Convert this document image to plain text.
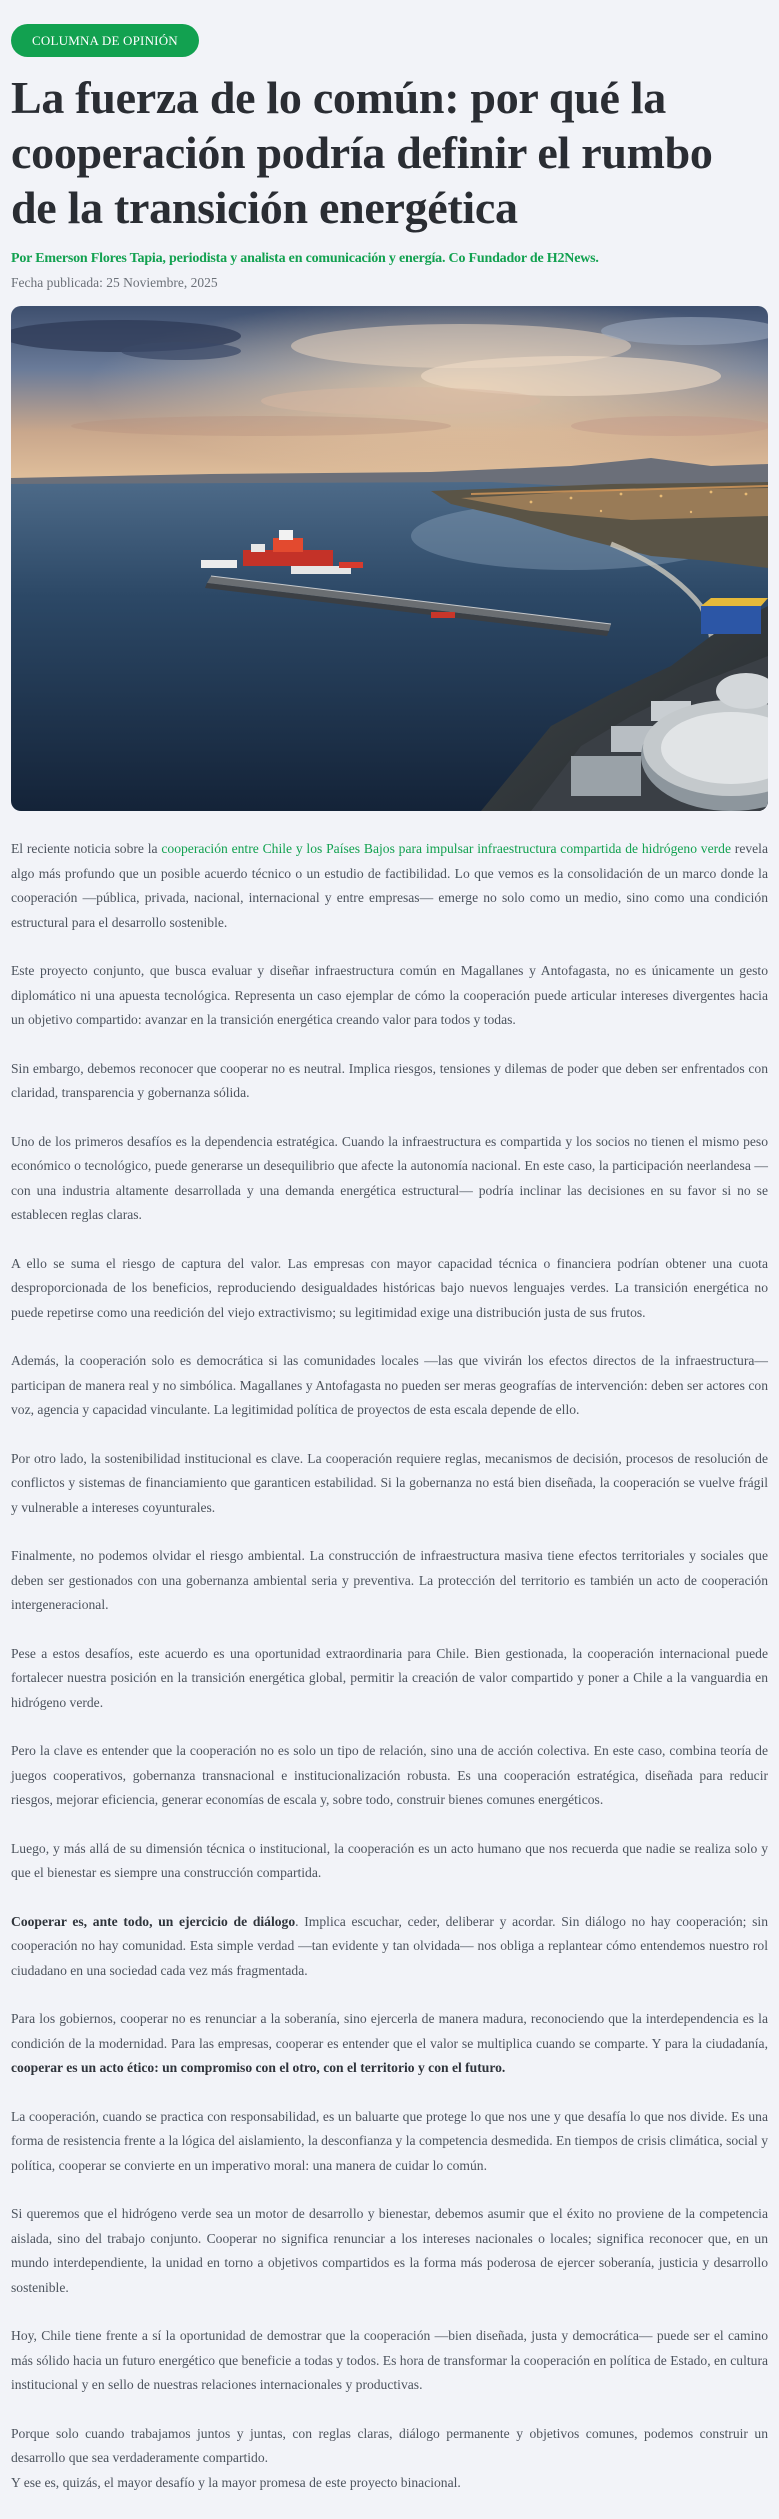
COLUMNA DE OPINIÓN
La fuerza de lo común: por qué la cooperación podría definir el rumbo de la transición energética
Por Emerson Flores Tapia, periodista y analista en comunicación y energía. Co Fundador de H2News.
Fecha publicada: 25 Noviembre, 2025

El reciente noticia sobre la cooperación entre Chile y los Países Bajos para impulsar infraestructura compartida de hidrógeno verde revela algo más profundo que un posible acuerdo técnico o un estudio de factibilidad. Lo que vemos es la consolidación de un marco donde la cooperación —pública, privada, nacional, internacional y entre empresas— emerge no solo como un medio, sino como una condición estructural para el desarrollo sostenible.

Este proyecto conjunto, que busca evaluar y diseñar infraestructura común en Magallanes y Antofagasta, no es únicamente un gesto diplomático ni una apuesta tecnológica. Representa un caso ejemplar de cómo la cooperación puede articular intereses divergentes hacia un objetivo compartido: avanzar en la transición energética creando valor para todos y todas.

Sin embargo, debemos reconocer que cooperar no es neutral. Implica riesgos, tensiones y dilemas de poder que deben ser enfrentados con claridad, transparencia y gobernanza sólida.

Uno de los primeros desafíos es la dependencia estratégica. Cuando la infraestructura es compartida y los socios no tienen el mismo peso económico o tecnológico, puede generarse un desequilibrio que afecte la autonomía nacional. En este caso, la participación neerlandesa —con una industria altamente desarrollada y una demanda energética estructural— podría inclinar las decisiones en su favor si no se establecen reglas claras.

A ello se suma el riesgo de captura del valor. Las empresas con mayor capacidad técnica o financiera podrían obtener una cuota desproporcionada de los beneficios, reproduciendo desigualdades históricas bajo nuevos lenguajes verdes. La transición energética no puede repetirse como una reedición del viejo extractivismo; su legitimidad exige una distribución justa de sus frutos.

Además, la cooperación solo es democrática si las comunidades locales —las que vivirán los efectos directos de la infraestructura— participan de manera real y no simbólica. Magallanes y Antofagasta no pueden ser meras geografías de intervención: deben ser actores con voz, agencia y capacidad vinculante. La legitimidad política de proyectos de esta escala depende de ello.

Por otro lado, la sostenibilidad institucional es clave. La cooperación requiere reglas, mecanismos de decisión, procesos de resolución de conflictos y sistemas de financiamiento que garanticen estabilidad. Si la gobernanza no está bien diseñada, la cooperación se vuelve frágil y vulnerable a intereses coyunturales.

Finalmente, no podemos olvidar el riesgo ambiental. La construcción de infraestructura masiva tiene efectos territoriales y sociales que deben ser gestionados con una gobernanza ambiental seria y preventiva. La protección del territorio es también un acto de cooperación intergeneracional.

Pese a estos desafíos, este acuerdo es una oportunidad extraordinaria para Chile. Bien gestionada, la cooperación internacional puede fortalecer nuestra posición en la transición energética global, permitir la creación de valor compartido y poner a Chile a la vanguardia en hidrógeno verde.

Pero la clave es entender que la cooperación no es solo un tipo de relación, sino una de acción colectiva. En este caso, combina teoría de juegos cooperativos, gobernanza transnacional e institucionalización robusta. Es una cooperación estratégica, diseñada para reducir riesgos, mejorar eficiencia, generar economías de escala y, sobre todo, construir bienes comunes energéticos.

Luego, y más allá de su dimensión técnica o institucional, la cooperación es un acto humano que nos recuerda que nadie se realiza solo y que el bienestar es siempre una construcción compartida.

Cooperar es, ante todo, un ejercicio de diálogo. Implica escuchar, ceder, deliberar y acordar. Sin diálogo no hay cooperación; sin cooperación no hay comunidad. Esta simple verdad —tan evidente y tan olvidada— nos obliga a replantear cómo entendemos nuestro rol ciudadano en una sociedad cada vez más fragmentada.

Para los gobiernos, cooperar no es renunciar a la soberanía, sino ejercerla de manera madura, reconociendo que la interdependencia es la condición de la modernidad. Para las empresas, cooperar es entender que el valor se multiplica cuando se comparte. Y para la ciudadanía, cooperar es un acto ético: un compromiso con el otro, con el territorio y con el futuro.

La cooperación, cuando se practica con responsabilidad, es un baluarte que protege lo que nos une y que desafía lo que nos divide. Es una forma de resistencia frente a la lógica del aislamiento, la desconfianza y la competencia desmedida. En tiempos de crisis climática, social y política, cooperar se convierte en un imperativo moral: una manera de cuidar lo común.

Si queremos que el hidrógeno verde sea un motor de desarrollo y bienestar, debemos asumir que el éxito no proviene de la competencia aislada, sino del trabajo conjunto. Cooperar no significa renunciar a los intereses nacionales o locales; significa reconocer que, en un mundo interdependiente, la unidad en torno a objetivos compartidos es la forma más poderosa de ejercer soberanía, justicia y desarrollo sostenible.

Hoy, Chile tiene frente a sí la oportunidad de demostrar que la cooperación —bien diseñada, justa y democrática— puede ser el camino más sólido hacia un futuro energético que beneficie a todas y todos. Es hora de transformar la cooperación en política de Estado, en cultura institucional y en sello de nuestras relaciones internacionales y productivas.

Porque solo cuando trabajamos juntos y juntas, con reglas claras, diálogo permanente y objetivos comunes, podemos construir un desarrollo que sea verdaderamente compartido.

Y ese es, quizás, el mayor desafío y la mayor promesa de este proyecto binacional.
